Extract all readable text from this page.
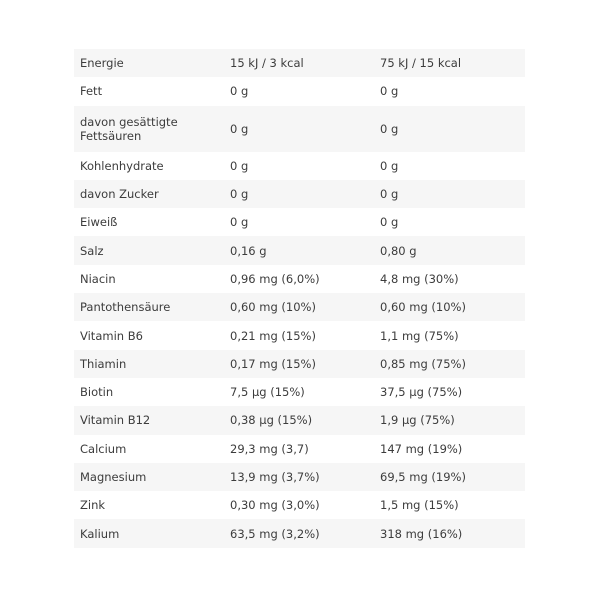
Energie	15 kJ / 3 kcal	75 kJ / 15 kcal
Fett	0 g	0 g
davon gesättigte Fettsäuren	0 g	0 g
Kohlenhydrate	0 g	0 g
davon Zucker	0 g	0 g
Eiweiß	0 g	0 g
Salz	0,16 g	0,80 g
Niacin	0,96 mg (6,0%)	4,8 mg (30%)
Pantothensäure	0,60 mg (10%)	0,60 mg (10%)
Vitamin B6	0,21 mg (15%)	1,1 mg (75%)
Thiamin	0,17 mg (15%)	0,85 mg (75%)
Biotin	7,5 µg (15%)	37,5 µg (75%)
Vitamin B12	0,38 µg (15%)	1,9 µg (75%)
Calcium	29,3 mg (3,7)	147 mg (19%)
Magnesium	13,9 mg (3,7%)	69,5 mg (19%)
Zink	0,30 mg (3,0%)	1,5 mg (15%)
Kalium	63,5 mg (3,2%)	318 mg (16%)
